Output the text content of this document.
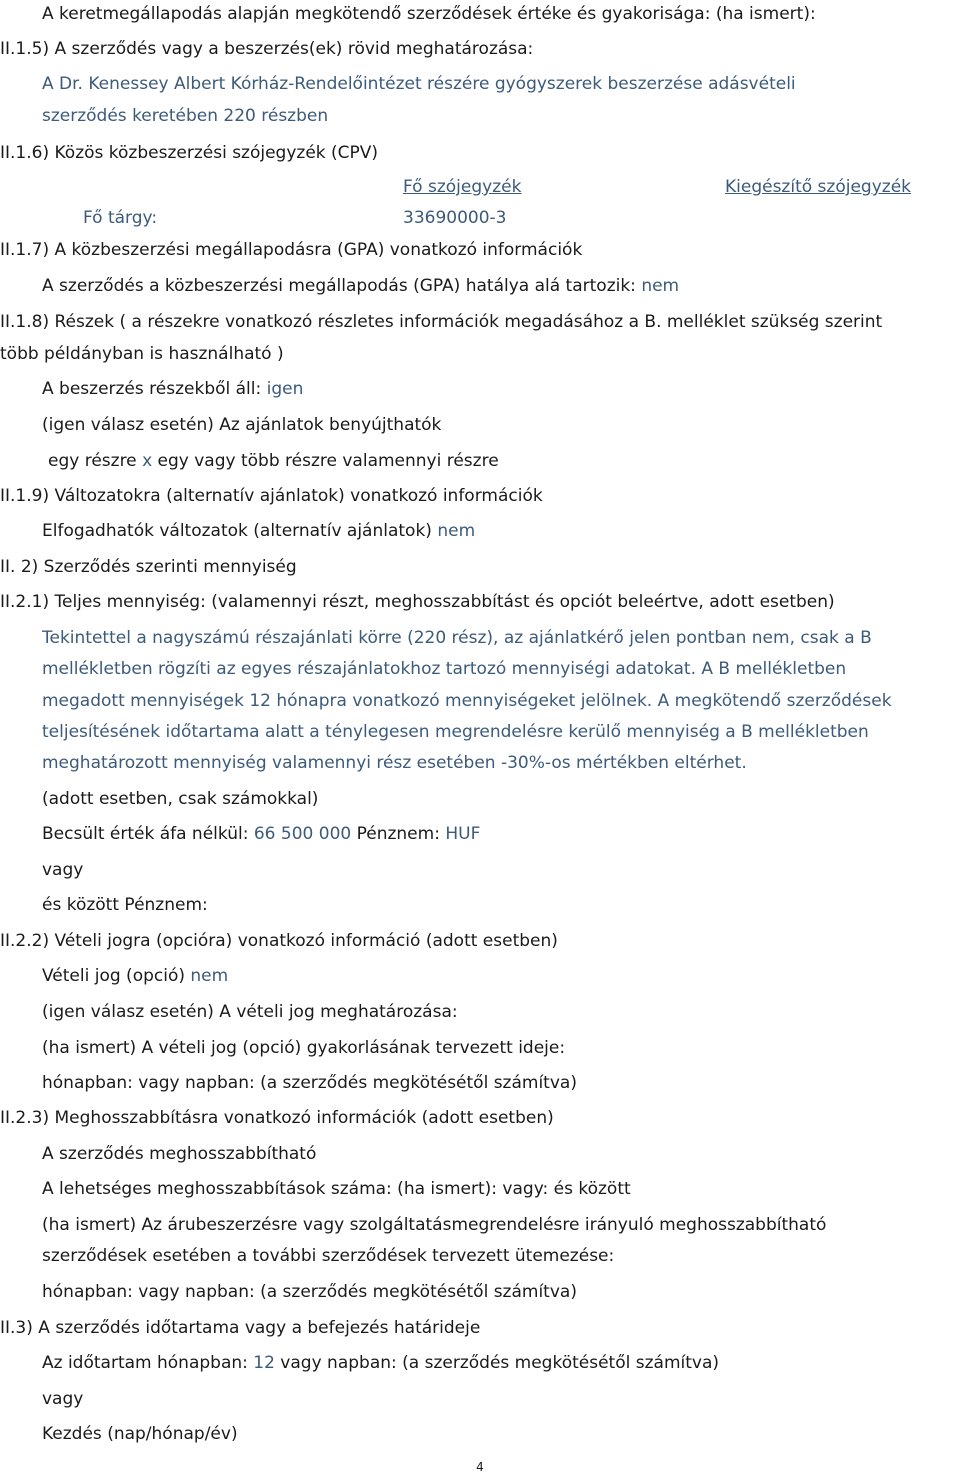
A keretmegállapodás alapján megkötendő szerződések értéke és gyakorisága: (ha ismert):
II.1.5) A szerződés vagy a beszerzés(ek) rövid meghatározása:
A Dr. Kenessey Albert Kórház-Rendelőintézet részére gyógyszerek beszerzése adásvételi
szerződés keretében 220 részben
II.1.6) Közös közbeszerzési szójegyzék (CPV)
Fő szójegyzék	Kiegészítő szójegyzék
Fő tárgy:	33690000-3
II.1.7) A közbeszerzési megállapodásra (GPA) vonatkozó információk
A szerződés a közbeszerzési megállapodás (GPA) hatálya alá tartozik: nem
II.1.8) Részek ( a részekre vonatkozó részletes információk megadásához a B. melléklet szükség szerint
több példányban is használható )
A beszerzés részekből áll: igen
(igen válasz esetén) Az ajánlatok benyújthatók
egy részre x egy vagy több részre valamennyi részre
II.1.9) Változatokra (alternatív ajánlatok) vonatkozó információk
Elfogadhatók változatok (alternatív ajánlatok) nem
II. 2) Szerződés szerinti mennyiség
II.2.1) Teljes mennyiség: (valamennyi részt, meghosszabbítást és opciót beleértve, adott esetben)
Tekintettel a nagyszámú részajánlati körre (220 rész), az ajánlatkérő jelen pontban nem, csak a B
mellékletben rögzíti az egyes részajánlatokhoz tartozó mennyiségi adatokat. A B mellékletben
megadott mennyiségek 12 hónapra vonatkozó mennyiségeket jelölnek. A megkötendő szerződések
teljesítésének időtartama alatt a ténylegesen megrendelésre kerülő mennyiség a B mellékletben
meghatározott mennyiség valamennyi rész esetében -30%-os mértékben eltérhet.
(adott esetben, csak számokkal)
Becsült érték áfa nélkül: 66 500 000 Pénznem: HUF
vagy
és között Pénznem:
II.2.2) Vételi jogra (opcióra) vonatkozó információ (adott esetben)
Vételi jog (opció) nem
(igen válasz esetén) A vételi jog meghatározása:
(ha ismert) A vételi jog (opció) gyakorlásának tervezett ideje:
hónapban: vagy napban: (a szerződés megkötésétől számítva)
II.2.3) Meghosszabbításra vonatkozó információk (adott esetben)
A szerződés meghosszabbítható
A lehetséges meghosszabbítások száma: (ha ismert): vagy: és között
(ha ismert) Az árubeszerzésre vagy szolgáltatásmegrendelésre irányuló meghosszabbítható
szerződések esetében a további szerződések tervezett ütemezése:
hónapban: vagy napban: (a szerződés megkötésétől számítva)
II.3) A szerződés időtartama vagy a befejezés határideje
Az időtartam hónapban: 12 vagy napban: (a szerződés megkötésétől számítva)
vagy
Kezdés (nap/hónap/év)
4
